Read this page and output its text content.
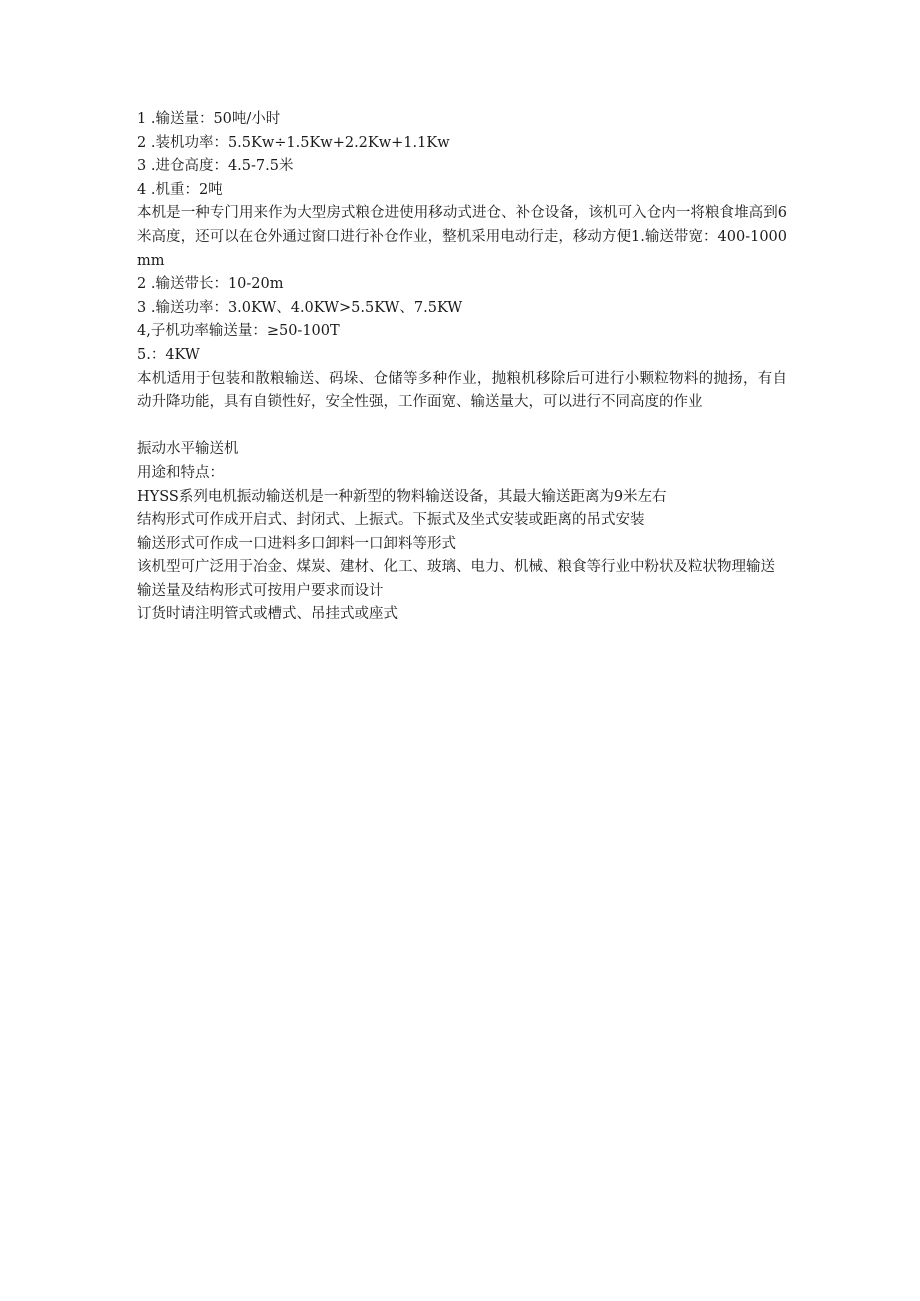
1 .输送量：50吨/小时
2 .装机功率：5.5Kw÷1.5Kw+2.2Kw+1.1Kw
3 .进仓高度：4.5-7.5米
4 .机重：2吨
本机是一种专门用来作为大型房式粮仓进使用移动式进仓、补仓设备，该机可入仓内一将粮食堆高到6米高度，还可以在仓外通过窗口进行补仓作业，整机采用电动行走，移动方便1.输送带宽：400-1000mm
2 .输送带长：10-20m
3 .输送功率：3.0KW、4.0KW>5.5KW、7.5KW
4,子机功率输送量：≥50-100T
5.：4KW
本机适用于包装和散粮输送、码垛、仓储等多种作业，抛粮机移除后可进行小颗粒物料的抛扬，有自动升降功能，具有自锁性好，安全性强，工作面宽、输送量大，可以进行不同高度的作业
振动水平输送机
用途和特点：
HYSS系列电机振动输送机是一种新型的物料输送设备，其最大输送距离为9米左右
结构形式可作成开启式、封闭式、上振式。下振式及坐式安装或距离的吊式安装
输送形式可作成一口进料多口卸料一口卸料等形式
该机型可广泛用于冶金、煤炭、建材、化工、玻璃、电力、机械、粮食等行业中粉状及粒状物理输送
输送量及结构形式可按用户要求而设计
订货时请注明管式或槽式、吊挂式或座式
